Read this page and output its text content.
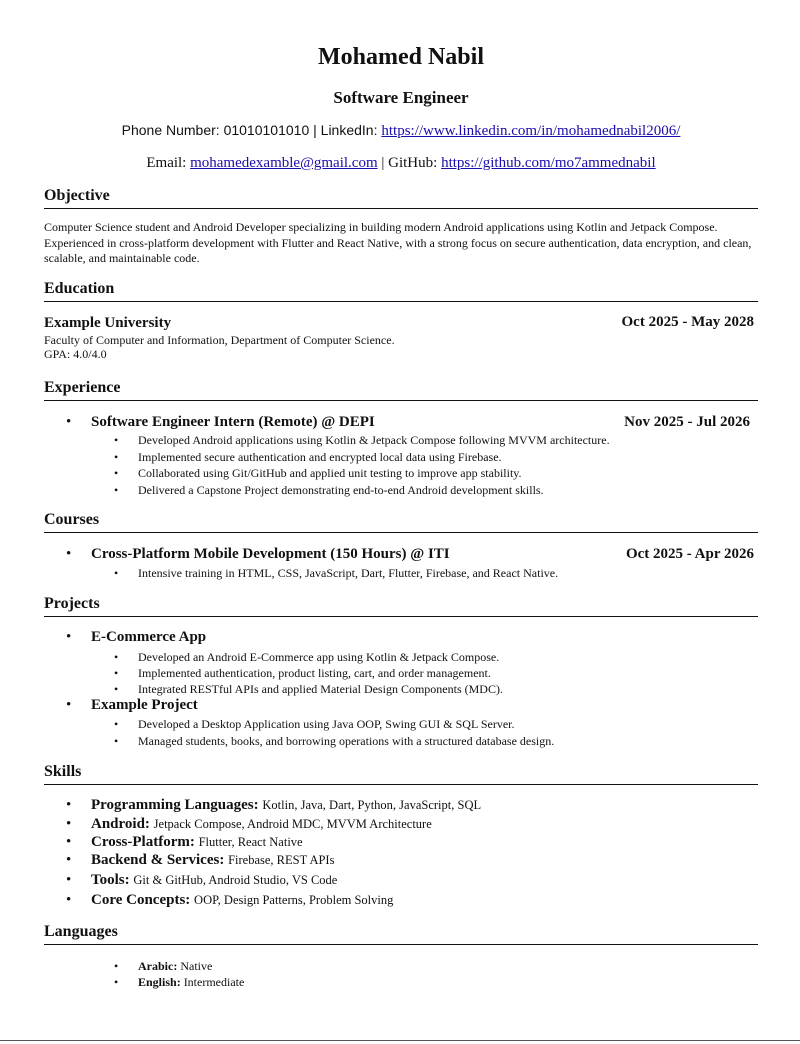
Mohamed Nabil
Software Engineer
Phone Number: 01010101010 | LinkedIn: https://www.linkedin.com/in/mohamednabil2006/
Email: mohamedexamble@gmail.com | GitHub: https://github.com/mo7ammednabil
Objective
Computer Science student and Android Developer specializing in building modern Android applications using Kotlin and Jetpack Compose. Experienced in cross-platform development with Flutter and React Native, with a strong focus on secure authentication, data encryption, and clean, scalable, and maintainable code.
Education
Example University	Oct 2025 - May 2028
Faculty of Computer and Information, Department of Computer Science.
GPA: 4.0/4.0
Experience
• Software Engineer Intern (Remote) @ DEPI	Nov 2025 - Jul 2026
• Developed Android applications using Kotlin & Jetpack Compose following MVVM architecture.
• Implemented secure authentication and encrypted local data using Firebase.
• Collaborated using Git/GitHub and applied unit testing to improve app stability.
• Delivered a Capstone Project demonstrating end-to-end Android development skills.
Courses
• Cross-Platform Mobile Development (150 Hours) @ ITI	Oct 2025 - Apr 2026
• Intensive training in HTML, CSS, JavaScript, Dart, Flutter, Firebase, and React Native.
Projects
• E-Commerce App
• Developed an Android E-Commerce app using Kotlin & Jetpack Compose.
• Implemented authentication, product listing, cart, and order management.
• Integrated RESTful APIs and applied Material Design Components (MDC).
• Example Project
• Developed a Desktop Application using Java OOP, Swing GUI & SQL Server.
• Managed students, books, and borrowing operations with a structured database design.
Skills
• Programming Languages: Kotlin, Java, Dart, Python, JavaScript, SQL
• Android: Jetpack Compose, Android MDC, MVVM Architecture
• Cross-Platform: Flutter, React Native
• Backend & Services: Firebase, REST APIs
• Tools: Git & GitHub, Android Studio, VS Code
• Core Concepts: OOP, Design Patterns, Problem Solving
Languages
• Arabic: Native
• English: Intermediate
